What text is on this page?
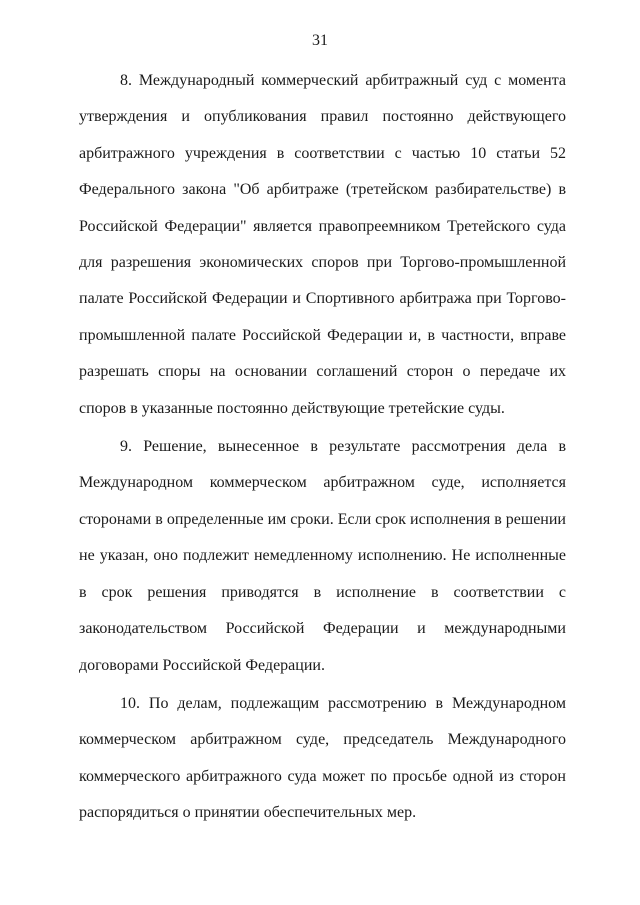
31

8. Международный коммерческий арбитражный суд с момента утверждения и опубликования правил постоянно действующего арбитражного учреждения в соответствии с частью 10 статьи 52 Федерального закона "Об арбитраже (третейском разбирательстве) в Российской Федерации" является правопреемником Третейского суда для разрешения экономических споров при Торгово-промышленной палате Российской Федерации и Спортивного арбитража при Торгово-промышленной палате Российской Федерации и, в частности, вправе разрешать споры на основании соглашений сторон о передаче их споров в указанные постоянно действующие третейские суды.

9. Решение, вынесенное в результате рассмотрения дела в Международном коммерческом арбитражном суде, исполняется сторонами в определенные им сроки. Если срок исполнения в решении не указан, оно подлежит немедленному исполнению. Не исполненные в срок решения приводятся в исполнение в соответствии с законодательством Российской Федерации и международными договорами Российской Федерации.

10. По делам, подлежащим рассмотрению в Международном коммерческом арбитражном суде, председатель Международного коммерческого арбитражного суда может по просьбе одной из сторон распорядиться о принятии обеспечительных мер.
